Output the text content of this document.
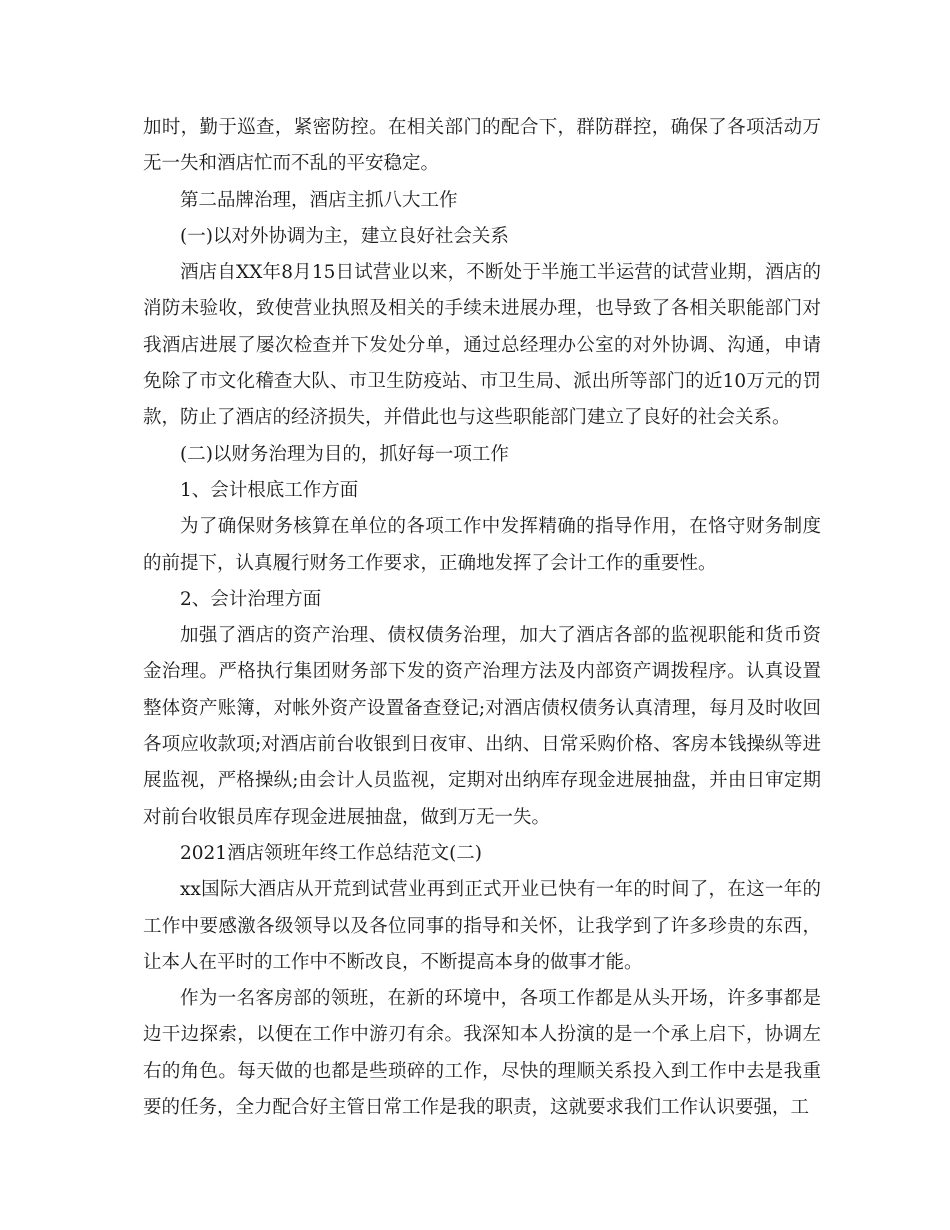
加时，勤于巡查，紧密防控。在相关部门的配合下，群防群控，确保了各项活动万无一失和酒店忙而不乱的平安稳定。

第二品牌治理，酒店主抓八大工作

(一)以对外协调为主，建立良好社会关系

酒店自XX年8月15日试营业以来，不断处于半施工半运营的试营业期，酒店的消防未验收，致使营业执照及相关的手续未进展办理，也导致了各相关职能部门对我酒店进展了屡次检查并下发处分单，通过总经理办公室的对外协调、沟通，申请免除了市文化稽查大队、市卫生防疫站、市卫生局、派出所等部门的近10万元的罚款，防止了酒店的经济损失，并借此也与这些职能部门建立了良好的社会关系。

(二)以财务治理为目的，抓好每一项工作

1、会计根底工作方面

为了确保财务核算在单位的各项工作中发挥精确的指导作用，在恪守财务制度的前提下，认真履行财务工作要求，正确地发挥了会计工作的重要性。

2、会计治理方面

加强了酒店的资产治理、债权债务治理，加大了酒店各部的监视职能和货币资金治理。严格执行集团财务部下发的资产治理方法及内部资产调拨程序。认真设置整体资产账簿，对帐外资产设置备查登记;对酒店债权债务认真清理，每月及时收回各项应收款项;对酒店前台收银到日夜审、出纳、日常采购价格、客房本钱操纵等进展监视，严格操纵;由会计人员监视，定期对出纳库存现金进展抽盘，并由日审定期对前台收银员库存现金进展抽盘，做到万无一失。

2021酒店领班年终工作总结范文(二)

xx国际大酒店从开荒到试营业再到正式开业已快有一年的时间了，在这一年的工作中要感激各级领导以及各位同事的指导和关怀，让我学到了许多珍贵的东西，让本人在平时的工作中不断改良，不断提高本身的做事才能。

作为一名客房部的领班，在新的环境中，各项工作都是从头开场，许多事都是边干边探索，以便在工作中游刃有余。我深知本人扮演的是一个承上启下，协调左右的角色。每天做的也都是些琐碎的工作，尽快的理顺关系投入到工作中去是我重要的任务，全力配合好主管日常工作是我的职责，这就要求我们工作认识要强，工
